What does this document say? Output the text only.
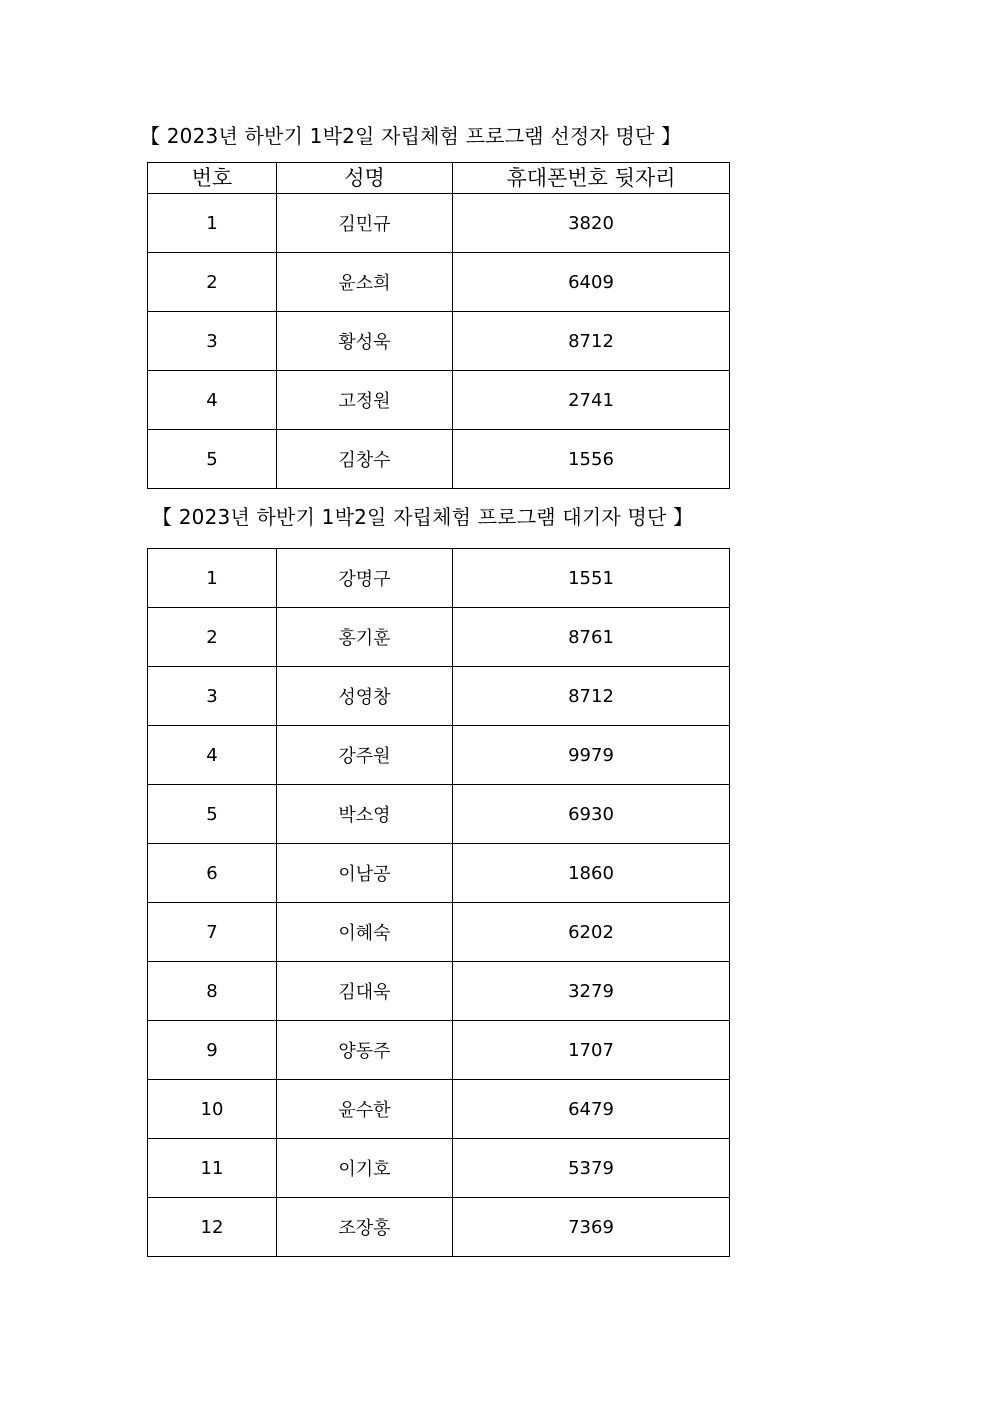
【 2023년 하반기 1박2일 자립체험 프로그램 선정자 명단 】
번호	성명	휴대폰번호 뒷자리
1	김민규	3820
2	윤소희	6409
3	황성욱	8712
4	고정원	2741
5	김창수	1556
【 2023년 하반기 1박2일 자립체험 프로그램 대기자 명단 】
1	강명구	1551
2	홍기훈	8761
3	성영창	8712
4	강주원	9979
5	박소영	6930
6	이남공	1860
7	이혜숙	6202
8	김대욱	3279
9	양동주	1707
10	윤수한	6479
11	이기호	5379
12	조장홍	7369
